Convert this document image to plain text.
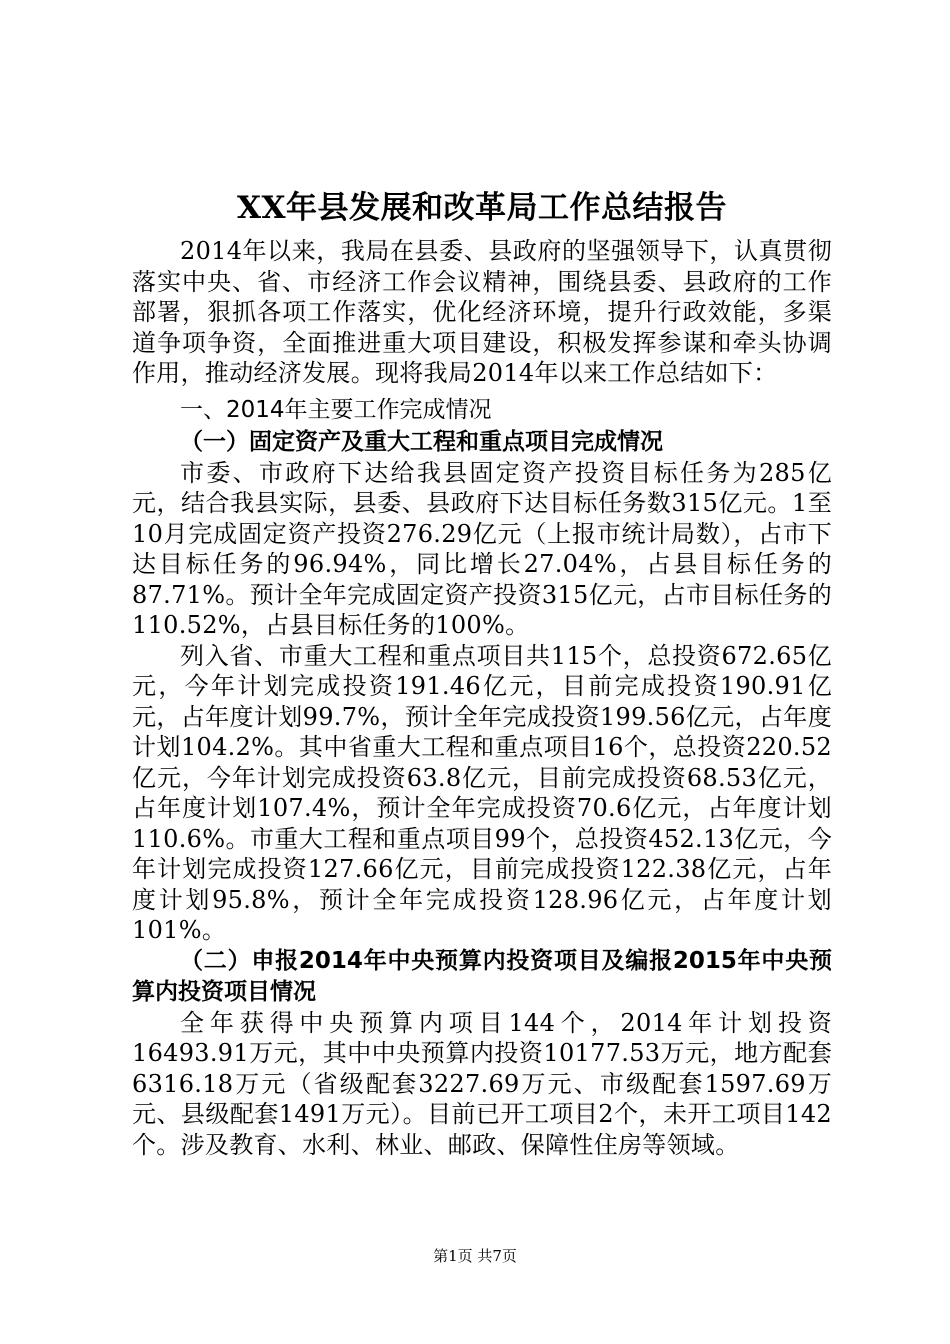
XX年县发展和改革局工作总结报告

2014年以来，我局在县委、县政府的坚强领导下，认真贯彻落实中央、省、市经济工作会议精神，围绕县委、县政府的工作部署，狠抓各项工作落实，优化经济环境，提升行政效能，多渠道争项争资，全面推进重大项目建设，积极发挥参谋和牵头协调作用，推动经济发展。现将我局2014年以来工作总结如下：

一、2014年主要工作完成情况

（一）固定资产及重大工程和重点项目完成情况

市委、市政府下达给我县固定资产投资目标任务为285亿元，结合我县实际，县委、县政府下达目标任务数315亿元。1至10月完成固定资产投资276.29亿元（上报市统计局数），占市下达目标任务的96.94%，同比增长27.04%，占县目标任务的87.71%。预计全年完成固定资产投资315亿元，占市目标任务的110.52%，占县目标任务的100%。

列入省、市重大工程和重点项目共115个，总投资672.65亿元，今年计划完成投资191.46亿元，目前完成投资190.91亿元，占年度计划99.7%，预计全年完成投资199.56亿元，占年度计划104.2%。其中省重大工程和重点项目16个，总投资220.52亿元，今年计划完成投资63.8亿元，目前完成投资68.53亿元，占年度计划107.4%，预计全年完成投资70.6亿元，占年度计划110.6%。市重大工程和重点项目99个，总投资452.13亿元，今年计划完成投资127.66亿元，目前完成投资122.38亿元，占年度计划95.8%，预计全年完成投资128.96亿元，占年度计划101%。

（二）申报2014年中央预算内投资项目及编报2015年中央预算内投资项目情况

全年获得中央预算内项目144个，2014年计划投资16493.91万元，其中中央预算内投资10177.53万元，地方配套6316.18万元（省级配套3227.69万元、市级配套1597.69万元、县级配套1491万元）。目前已开工项目2个，未开工项目142个。涉及教育、水利、林业、邮政、保障性住房等领域。

第1页 共7页
